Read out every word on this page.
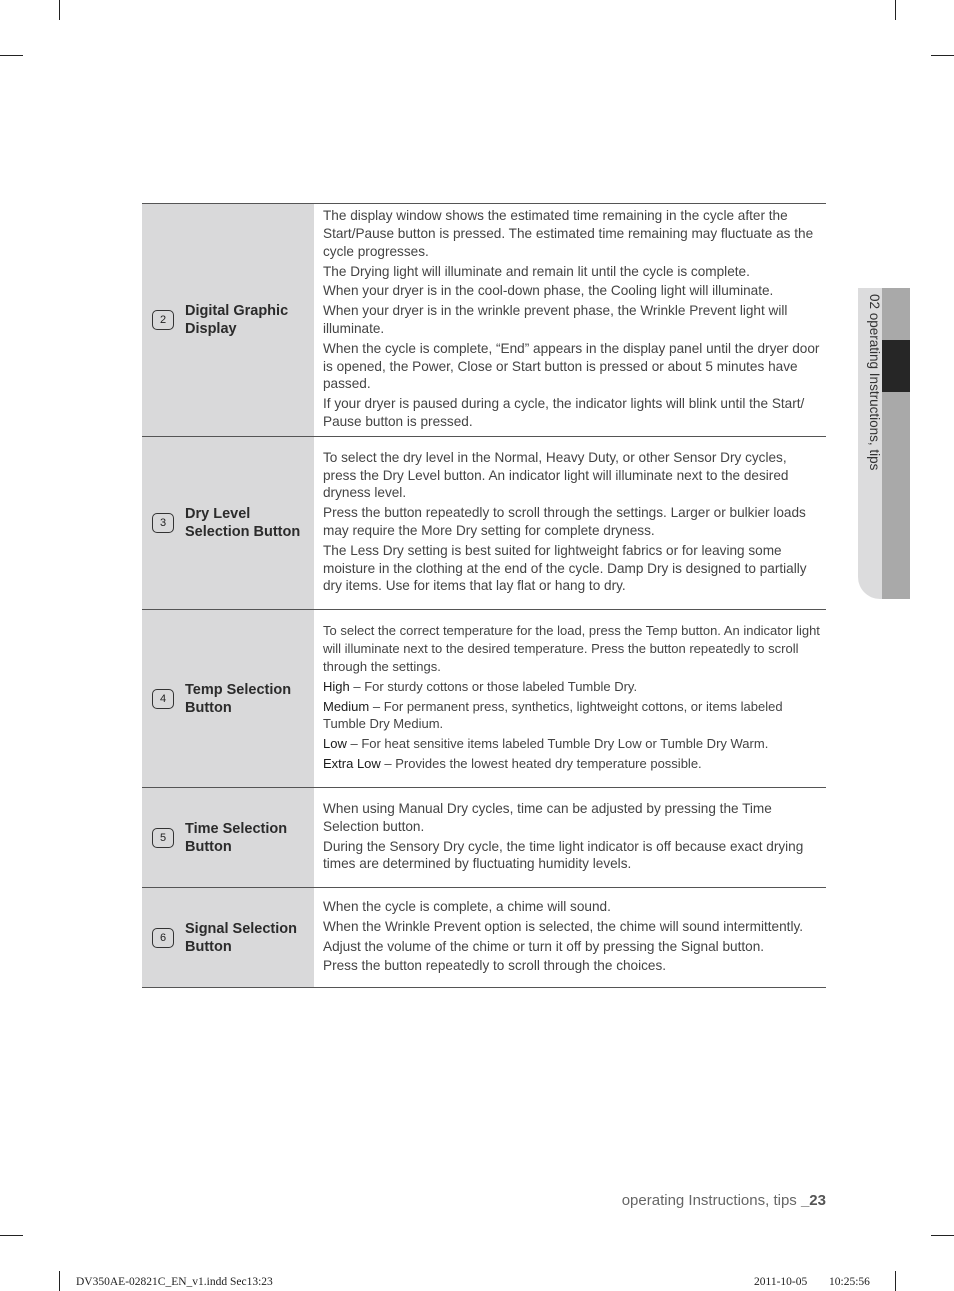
02 operating Instructions, tips
2
Digital Graphic
Display

The display window shows the estimated time remaining in the cycle after the Start/Pause button is pressed. The estimated time remaining may fluctuate as the cycle progresses.

The Drying light will illuminate and remain lit until the cycle is complete.

When your dryer is in the cool-down phase, the Cooling light will illuminate.

When your dryer is in the wrinkle prevent phase, the Wrinkle Prevent light will illuminate.

When the cycle is complete, “End” appears in the display panel until the dryer door is opened, the Power, Close or Start button is pressed or about 5 minutes have passed.

If your dryer is paused during a cycle, the indicator lights will blink until the Start/ Pause button is pressed.

3
Dry Level
Selection Button

To select the dry level in the Normal, Heavy Duty, or other Sensor Dry cycles, press the Dry Level button. An indicator light will illuminate next to the desired dryness level.

Press the button repeatedly to scroll through the settings. Larger or bulkier loads may require the More Dry setting for complete dryness.

The Less Dry setting is best suited for lightweight fabrics or for leaving some moisture in the clothing at the end of the cycle. Damp Dry is designed to partially dry items. Use for items that lay flat or hang to dry.

4
Temp Selection
Button

To select the correct temperature for the load, press the Temp button. An indicator light will illuminate next to the desired temperature. Press the button repeatedly to scroll through the settings.

High – For sturdy cottons or those labeled Tumble Dry.

Medium – For permanent press, synthetics, lightweight cottons, or items labeled Tumble Dry Medium.

Low – For heat sensitive items labeled Tumble Dry Low or Tumble Dry Warm.

Extra Low – Provides the lowest heated dry temperature possible.

5
Time Selection
Button

When using Manual Dry cycles, time can be adjusted by pressing the Time Selection button.

During the Sensory Dry cycle, the time light indicator is off because exact drying times are determined by fluctuating humidity levels.

6
Signal Selection
Button

When the cycle is complete, a chime will sound.

When the Wrinkle Prevent option is selected, the chime will sound intermittently.

Adjust the volume of the chime or turn it off by pressing the Signal button.

Press the button repeatedly to scroll through the choices.

operating Instructions, tips _23
DV350AE-02821C_EN_v1.indd Sec13:23	2011-10-05 10:25:56
